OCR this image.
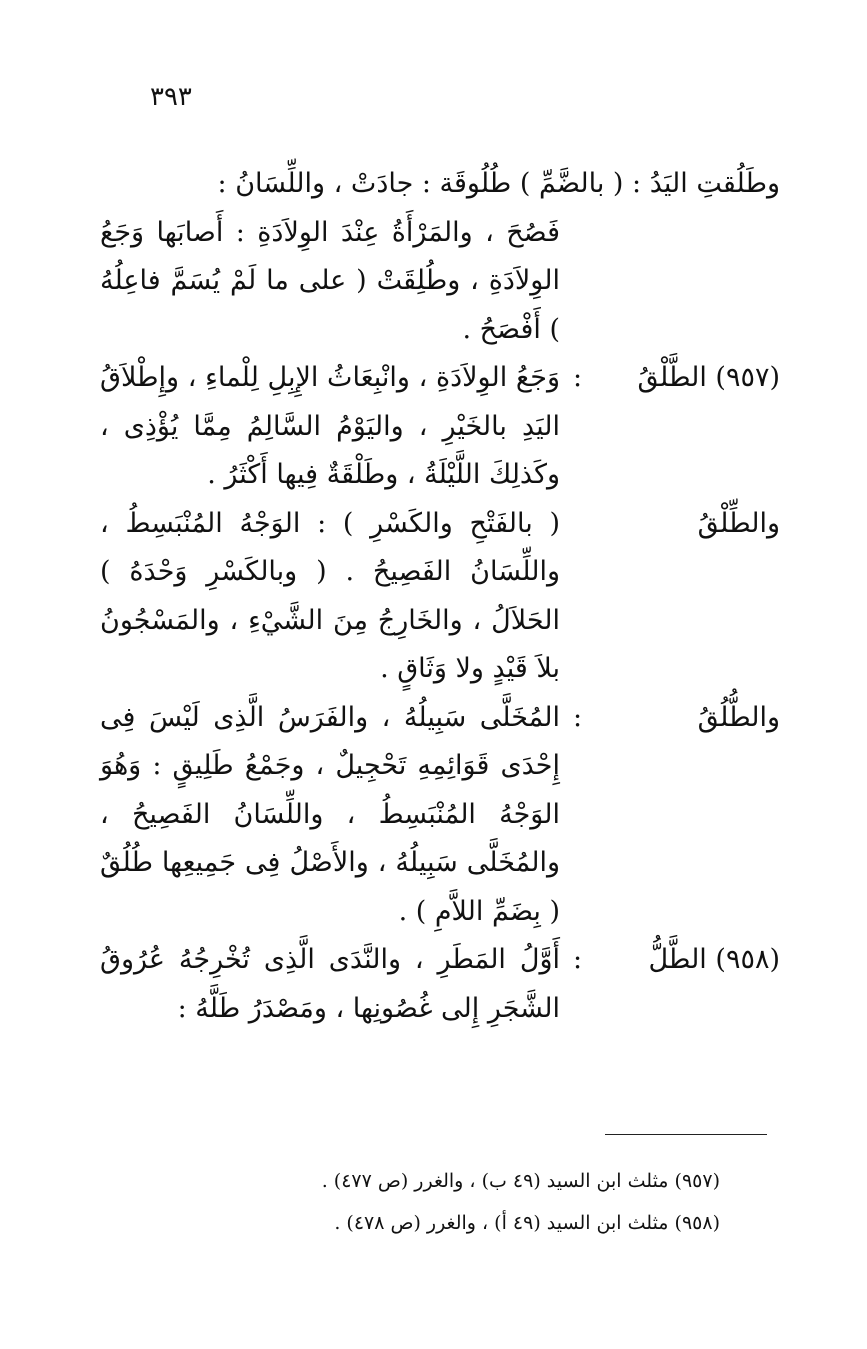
٣٩٣
وطَلُقتِ اليَدُ : ( بالضَّمِّ ) طُلُوقَة : جادَتْ ، واللِّسَانُ :
فَصُحَ ، والمَرْأَةُ عِنْدَ الوِلاَدَةِ : أَصابَها وَجَعُ الوِلاَدَةِ ، وطُلِقَتْ ( على ما لَمْ يُسَمَّ فاعِلُهُ ) أَفْصَحُ .
(٩٥٧) الطَّلْقُ
:
وَجَعُ الوِلاَدَةِ ، وانْبِعَاثُ الإِبِلِ لِلْماءِ ، وإِطْلاَقُ اليَدِ بالخَيْرِ ، واليَوْمُ السَّالِمُ مِمَّا يُؤْذِى ، وكَذلِكَ اللَّيْلَةُ ، وطَلْقَةٌ فِيها أَكْثَرُ .
والطِّلْقُ
( بالفَتْحِ والكَسْرِ ) : الوَجْهُ المُنْبَسِطُ ، واللِّسَانُ الفَصِيحُ . ( وبالكَسْرِ وَحْدَهُ ) الحَلاَلُ ، والخَارِجُ مِنَ الشَّيْءِ ، والمَسْجُونُ بلاَ قَيْدٍ ولا وَثَاقٍ .
والطُّلُقُ
:
المُخَلَّى سَبِيلُهُ ، والفَرَسُ الَّذِى لَيْسَ فِى إِحْدَى قَوَائِمِهِ تَحْجِيلٌ ، وجَمْعُ طَلِيقٍ : وَهُوَ الوَجْهُ المُنْبَسِطُ ، واللِّسَانُ الفَصِيحُ ، والمُخَلَّى سَبِيلُهُ ، والأَصْلُ فِى جَمِيعِها طُلُقٌ ( بِضَمِّ اللاَّمِ ) .
(٩٥٨) الطَّلُّ
:
أَوَّلُ المَطَرِ ، والنَّدَى الَّذِى تُخْرِجُهُ عُرُوقُ الشَّجَرِ إِلى غُصُونِها ، ومَصْدَرُ طَلَّهُ :
(٩٥٧) مثلث ابن السيد (٤٩ ب) ، والغرر (ص ٤٧٧) .
(٩٥٨) مثلث ابن السيد (٤٩ أ) ، والغرر (ص ٤٧٨) .
